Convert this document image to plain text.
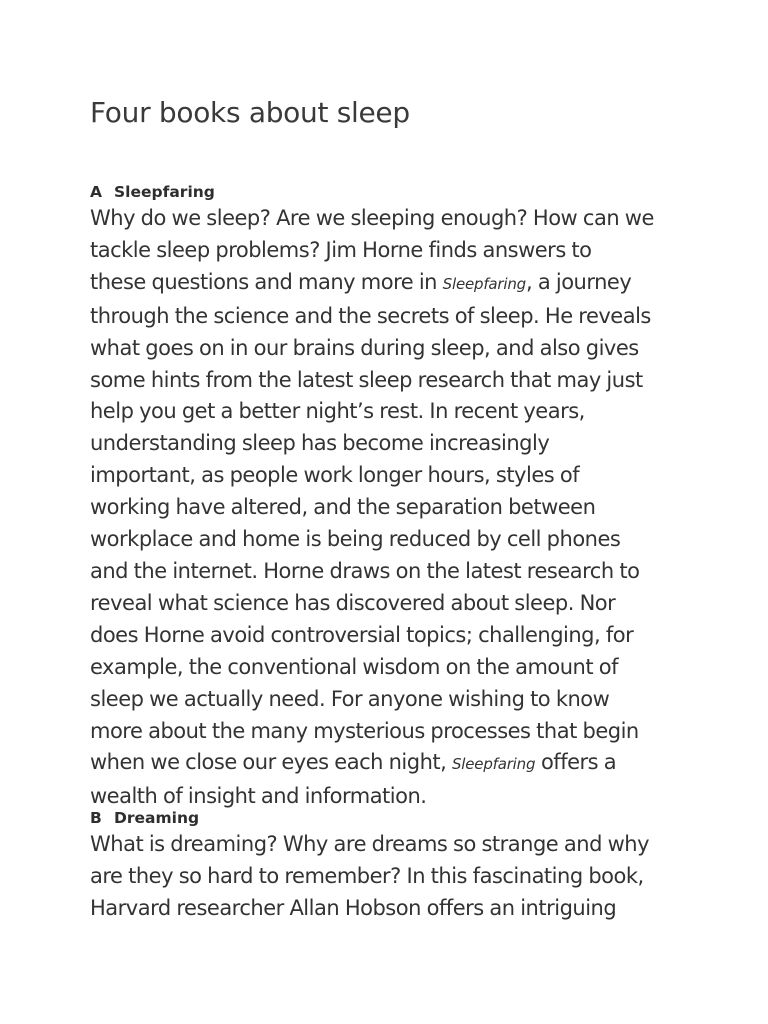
Four books about sleep

A Sleepfaring

Why do we sleep? Are we sleeping enough? How can we
tackle sleep problems? Jim Horne finds answers to
these questions and many more in Sleepfaring, a journey
through the science and the secrets of sleep. He reveals
what goes on in our brains during sleep, and also gives
some hints from the latest sleep research that may just
help you get a better night’s rest. In recent years,
understanding sleep has become increasingly
important, as people work longer hours, styles of
working have altered, and the separation between
workplace and home is being reduced by cell phones
and the internet. Horne draws on the latest research to
reveal what science has discovered about sleep. Nor
does Horne avoid controversial topics; challenging, for
example, the conventional wisdom on the amount of
sleep we actually need. For anyone wishing to know
more about the many mysterious processes that begin
when we close our eyes each night, Sleepfaring offers a
wealth of insight and information.

B Dreaming

What is dreaming? Why are dreams so strange and why
are they so hard to remember? In this fascinating book,
Harvard researcher Allan Hobson offers an intriguing
